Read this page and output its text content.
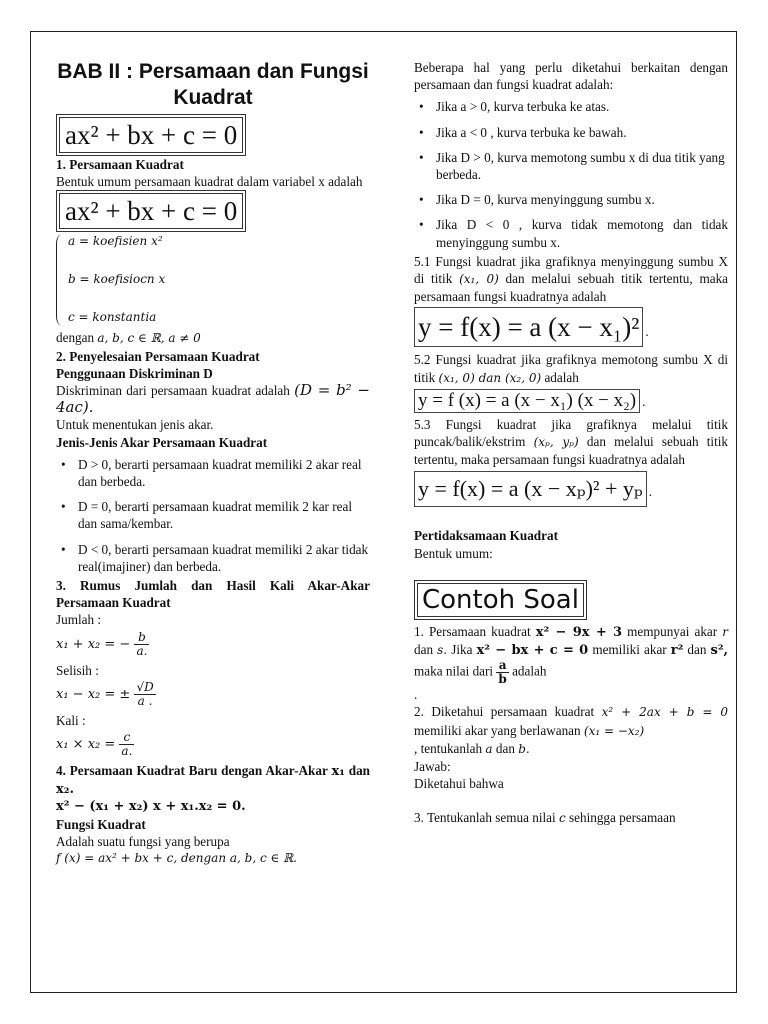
BAB II : Persamaan dan Fungsi Kuadrat
ax² + bx + c = 0
1. Persamaan Kuadrat
Bentuk umum persamaan kuadrat dalam variabel x adalah
ax² + bx + c = 0
a = koefisien x²
b = koefisiocn x
c = konstantia
dengan a, b, c ∈ ℝ, a ≠ 0
2. Penyelesaian Persamaan Kuadrat
Penggunaan Diskriminan D
Diskriminan dari persamaan kuadrat adalah (D = b² − 4ac).
Untuk menentukan jenis akar.
Jenis-Jenis Akar Persamaan Kuadrat
• D > 0, berarti persamaan kuadrat memiliki 2 akar real dan berbeda.
• D = 0, berarti persamaan kuadrat memilik 2 kar real dan sama/kembar.
• D < 0, berarti persamaan kuadrat memiliki 2 akar tidak real(imajiner) dan berbeda.
3. Rumus Jumlah dan Hasil Kali Akar-Akar Persamaan Kuadrat
Jumlah :
x₁ + x₂ = − $\frac{b}{a.}$
Selisih :
x₁ − x₂ = ± $\frac{√D}{a .}$
Kali :
$x_1 \times x_2 = \frac{c}{a.}$
4. Persamaan Kuadrat Baru dengan Akar-Akar x₁ dan x₂.
x² − (x₁ + x₂) x + x₁.x₂ = 0.
Fungsi Kuadrat
Adalah suatu fungsi yang berupa
f (x) = ax² + bx + c, dengan a, b, c ∈ ℝ.
Beberapa hal yang perlu diketahui berkaitan dengan persamaan dan fungsi kuadrat adalah:
• Jika a > 0, kurva terbuka ke atas.
• Jika a < 0 , kurva terbuka ke bawah.
• Jika D > 0, kurva memotong sumbu x di dua titik yang berbeda.
• Jika D = 0, kurva menyinggung sumbu x.
• Jika D < 0 , kurva tidak memotong dan tidak menyinggung sumbu x.
5.1 Fungsi kuadrat jika grafiknya menyinggung sumbu X di titik (x₁, 0) dan melalui sebuah titik tertentu, maka persamaan fungsi kuadratnya adalah
y = f(x) = a (x − x₁)² .
5.2 Fungsi kuadrat jika grafiknya memotong sumbu X di titik (x₁, 0) dan (x₂, 0) adalah
y = f (x) = a (x − x₁) (x − x₂) .
5.3 Fungsi kuadrat jika grafiknya melalui titik puncak/balik/ekstrim (xₚ, yₚ) dan melalui sebuah titik tertentu, maka persamaan fungsi kuadratnya adalah
y = f(x) = a (x − xₚ)² + yₚ .
Pertidaksamaan Kuadrat
Bentuk umum:
Contoh Soal
1. Persamaan kuadrat x² − 9x + 3 mempunyai akar r dan s. Jika x² − bx + c = 0 memiliki akar r² dan s², maka nilai dari $\frac{a}{b}$ adalah
.
2. Diketahui persamaan kuadrat x² + 2ax + b = 0 memiliki akar yang berlawanan (x₁ = −x₂)
, tentukanlah a dan b.
Jawab:
Diketahui bahwa
3. Tentukanlah semua nilai c sehingga persamaan
